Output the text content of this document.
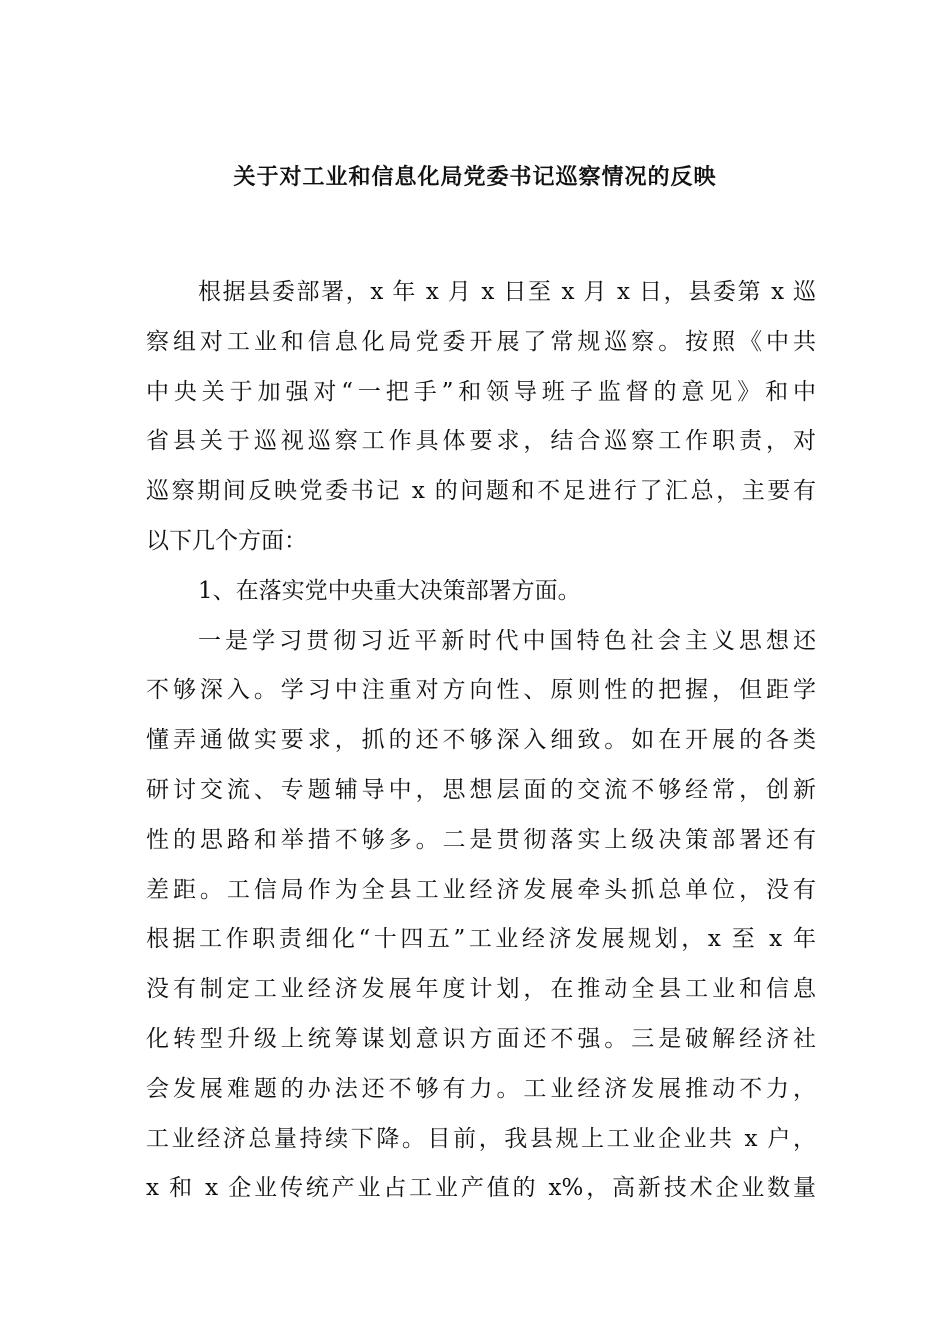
关于对工业和信息化局党委书记巡察情况的反映
根据县委部署，x 年 x 月 x 日至 x 月 x 日，县委第 x 巡
察组对工业和信息化局党委开展了常规巡察。按照《中共
中央关于加强对“一把手”和领导班子监督的意见》和中
省县关于巡视巡察工作具体要求，结合巡察工作职责，对
巡察期间反映党委书记 x 的问题和不足进行了汇总，主要有
以下几个方面：
1、在落实党中央重大决策部署方面。
一是学习贯彻习近平新时代中国特色社会主义思想还
不够深入。学习中注重对方向性、原则性的把握，但距学
懂弄通做实要求，抓的还不够深入细致。如在开展的各类
研讨交流、专题辅导中，思想层面的交流不够经常，创新
性的思路和举措不够多。二是贯彻落实上级决策部署还有
差距。工信局作为全县工业经济发展牵头抓总单位，没有
根据工作职责细化“十四五”工业经济发展规划，x 至 x 年
没有制定工业经济发展年度计划，在推动全县工业和信息
化转型升级上统筹谋划意识方面还不强。三是破解经济社
会发展难题的办法还不够有力。工业经济发展推动不力，
工业经济总量持续下降。目前，我县规上工业企业共 x 户，
x 和 x 企业传统产业占工业产值的 x%，高新技术企业数量
